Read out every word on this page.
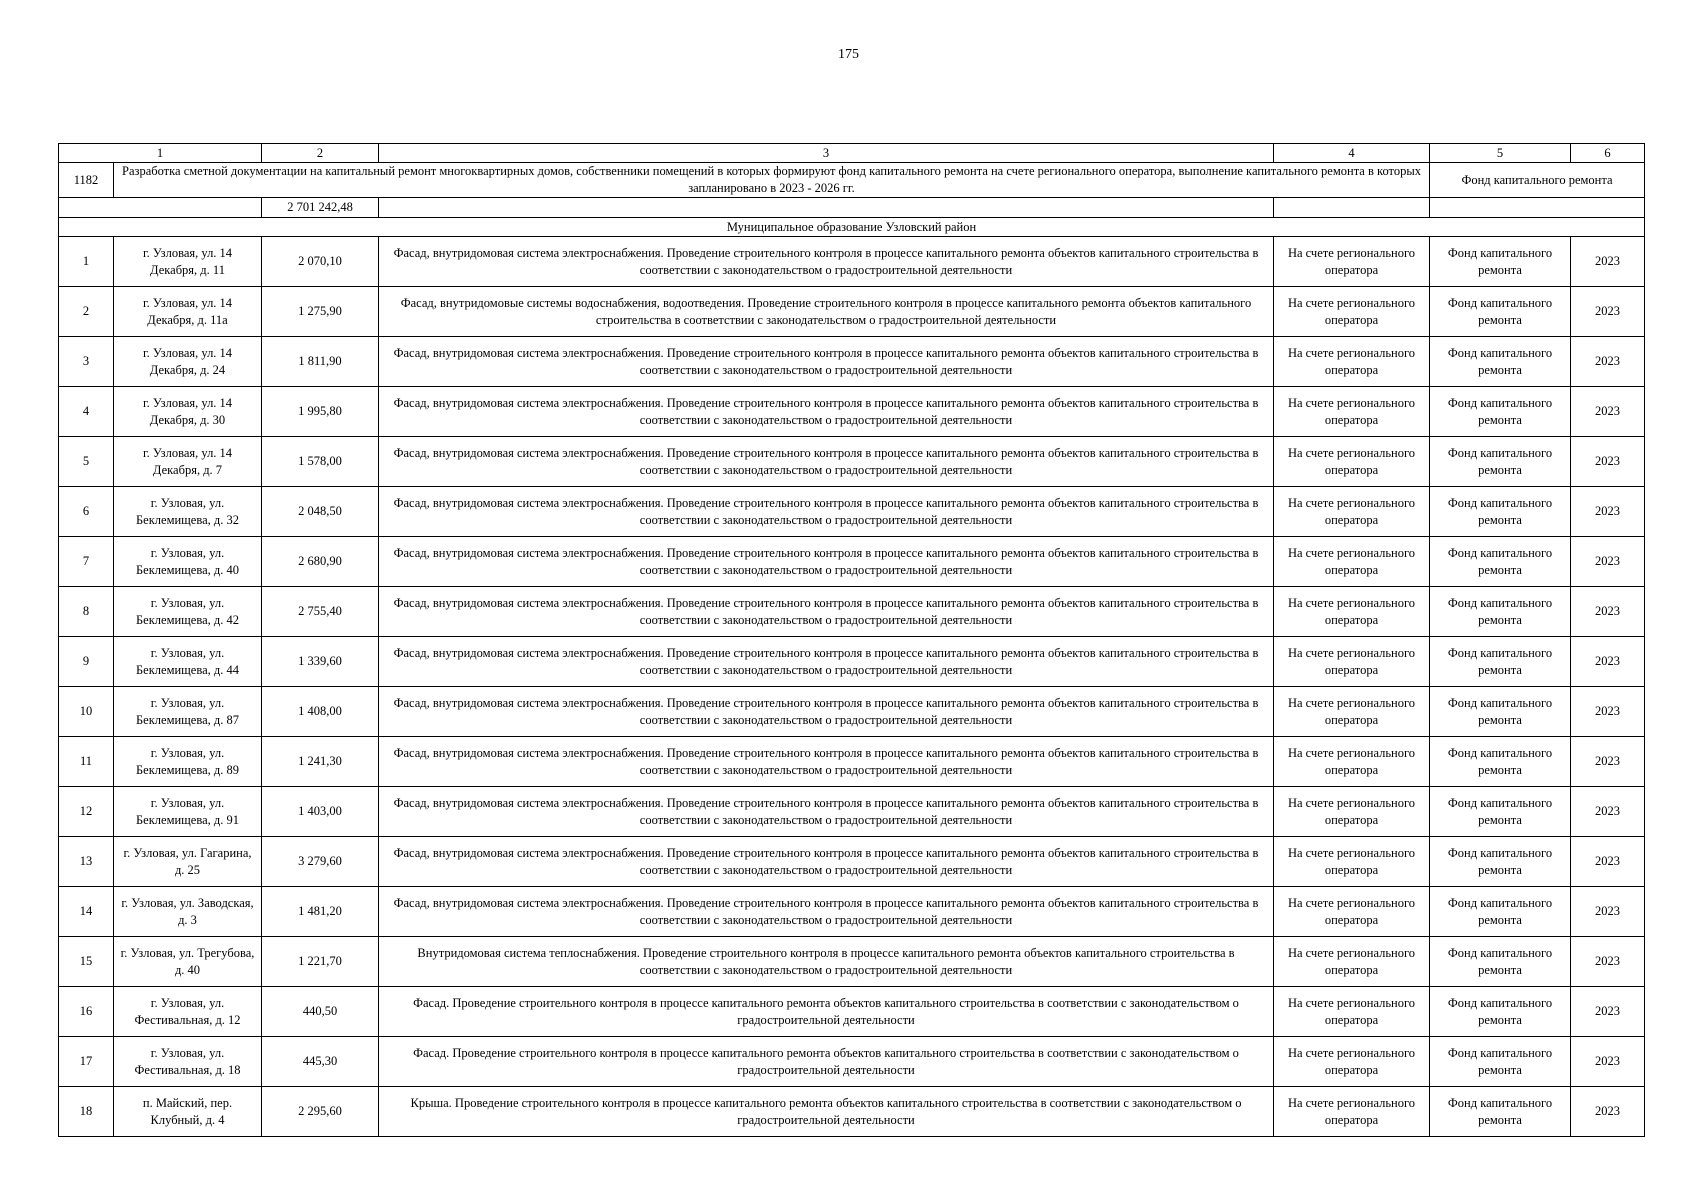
175
1		2	3	4	5	6
1182	Разработка сметной документации на капитальный ремонт многоквартирных домов, собственники помещений в которых формируют фонд капитального ремонта на счете регионального оператора, выполнение капитального ремонта в которых запланировано в 2023 - 2026 гг.				Фонд капитального ремонта	
		2 701 242,48				
Муниципальное образование Узловский район						
1	г. Узловая, ул. 14 Декабря, д. 11	2 070,10	Фасад, внутридомовая система электроснабжения. Проведение строительного контроля в процессе капитального ремонта объектов капитального строительства в соответствии с законодательством о градостроительной деятельности	На счете регионального оператора	Фонд капитального ремонта	2023
2	г. Узловая, ул. 14 Декабря, д. 11а	1 275,90	Фасад, внутридомовые системы водоснабжения, водоотведения. Проведение строительного контроля в процессе капитального ремонта объектов капитального строительства в соответствии с законодательством о градостроительной деятельности	На счете регионального оператора	Фонд капитального ремонта	2023
3	г. Узловая, ул. 14 Декабря, д. 24	1 811,90	Фасад, внутридомовая система электроснабжения. Проведение строительного контроля в процессе капитального ремонта объектов капитального строительства в соответствии с законодательством о градостроительной деятельности	На счете регионального оператора	Фонд капитального ремонта	2023
4	г. Узловая, ул. 14 Декабря, д. 30	1 995,80	Фасад, внутридомовая система электроснабжения. Проведение строительного контроля в процессе капитального ремонта объектов капитального строительства в соответствии с законодательством о градостроительной деятельности	На счете регионального оператора	Фонд капитального ремонта	2023
5	г. Узловая, ул. 14 Декабря, д. 7	1 578,00	Фасад, внутридомовая система электроснабжения. Проведение строительного контроля в процессе капитального ремонта объектов капитального строительства в соответствии с законодательством о градостроительной деятельности	На счете регионального оператора	Фонд капитального ремонта	2023
6	г. Узловая, ул. Беклемищева, д. 32	2 048,50	Фасад, внутридомовая система электроснабжения. Проведение строительного контроля в процессе капитального ремонта объектов капитального строительства в соответствии с законодательством о градостроительной деятельности	На счете регионального оператора	Фонд капитального ремонта	2023
7	г. Узловая, ул. Беклемищева, д. 40	2 680,90	Фасад, внутридомовая система электроснабжения. Проведение строительного контроля в процессе капитального ремонта объектов капитального строительства в соответствии с законодательством о градостроительной деятельности	На счете регионального оператора	Фонд капитального ремонта	2023
8	г. Узловая, ул. Беклемищева, д. 42	2 755,40	Фасад, внутридомовая система электроснабжения. Проведение строительного контроля в процессе капитального ремонта объектов капитального строительства в соответствии с законодательством о градостроительной деятельности	На счете регионального оператора	Фонд капитального ремонта	2023
9	г. Узловая, ул. Беклемищева, д. 44	1 339,60	Фасад, внутридомовая система электроснабжения. Проведение строительного контроля в процессе капитального ремонта объектов капитального строительства в соответствии с законодательством о градостроительной деятельности	На счете регионального оператора	Фонд капитального ремонта	2023
10	г. Узловая, ул. Беклемищева, д. 87	1 408,00	Фасад, внутридомовая система электроснабжения. Проведение строительного контроля в процессе капитального ремонта объектов капитального строительства в соответствии с законодательством о градостроительной деятельности	На счете регионального оператора	Фонд капитального ремонта	2023
11	г. Узловая, ул. Беклемищева, д. 89	1 241,30	Фасад, внутридомовая система электроснабжения. Проведение строительного контроля в процессе капитального ремонта объектов капитального строительства в соответствии с законодательством о градостроительной деятельности	На счете регионального оператора	Фонд капитального ремонта	2023
12	г. Узловая, ул. Беклемищева, д. 91	1 403,00	Фасад, внутридомовая система электроснабжения. Проведение строительного контроля в процессе капитального ремонта объектов капитального строительства в соответствии с законодательством о градостроительной деятельности	На счете регионального оператора	Фонд капитального ремонта	2023
13	г. Узловая, ул. Гагарина, д. 25	3 279,60	Фасад, внутридомовая система электроснабжения. Проведение строительного контроля в процессе капитального ремонта объектов капитального строительства в соответствии с законодательством о градостроительной деятельности	На счете регионального оператора	Фонд капитального ремонта	2023
14	г. Узловая, ул. Заводская, д. 3	1 481,20	Фасад, внутридомовая система электроснабжения. Проведение строительного контроля в процессе капитального ремонта объектов капитального строительства в соответствии с законодательством о градостроительной деятельности	На счете регионального оператора	Фонд капитального ремонта	2023
15	г. Узловая, ул. Трегубова, д. 40	1 221,70	Внутридомовая система теплоснабжения. Проведение строительного контроля в процессе капитального ремонта объектов капитального строительства в соответствии с законодательством о градостроительной деятельности	На счете регионального оператора	Фонд капитального ремонта	2023
16	г. Узловая, ул. Фестивальная, д. 12	440,50	Фасад. Проведение строительного контроля в процессе капитального ремонта объектов капитального строительства в соответствии с законодательством о градостроительной деятельности	На счете регионального оператора	Фонд капитального ремонта	2023
17	г. Узловая, ул. Фестивальная, д. 18	445,30	Фасад. Проведение строительного контроля в процессе капитального ремонта объектов капитального строительства в соответствии с законодательством о градостроительной деятельности	На счете регионального оператора	Фонд капитального ремонта	2023
18	п. Майский, пер. Клубный, д. 4	2 295,60	Крыша. Проведение строительного контроля в процессе капитального ремонта объектов капитального строительства в соответствии с законодательством о градостроительной деятельности	На счете регионального оператора	Фонд капитального ремонта	2023
